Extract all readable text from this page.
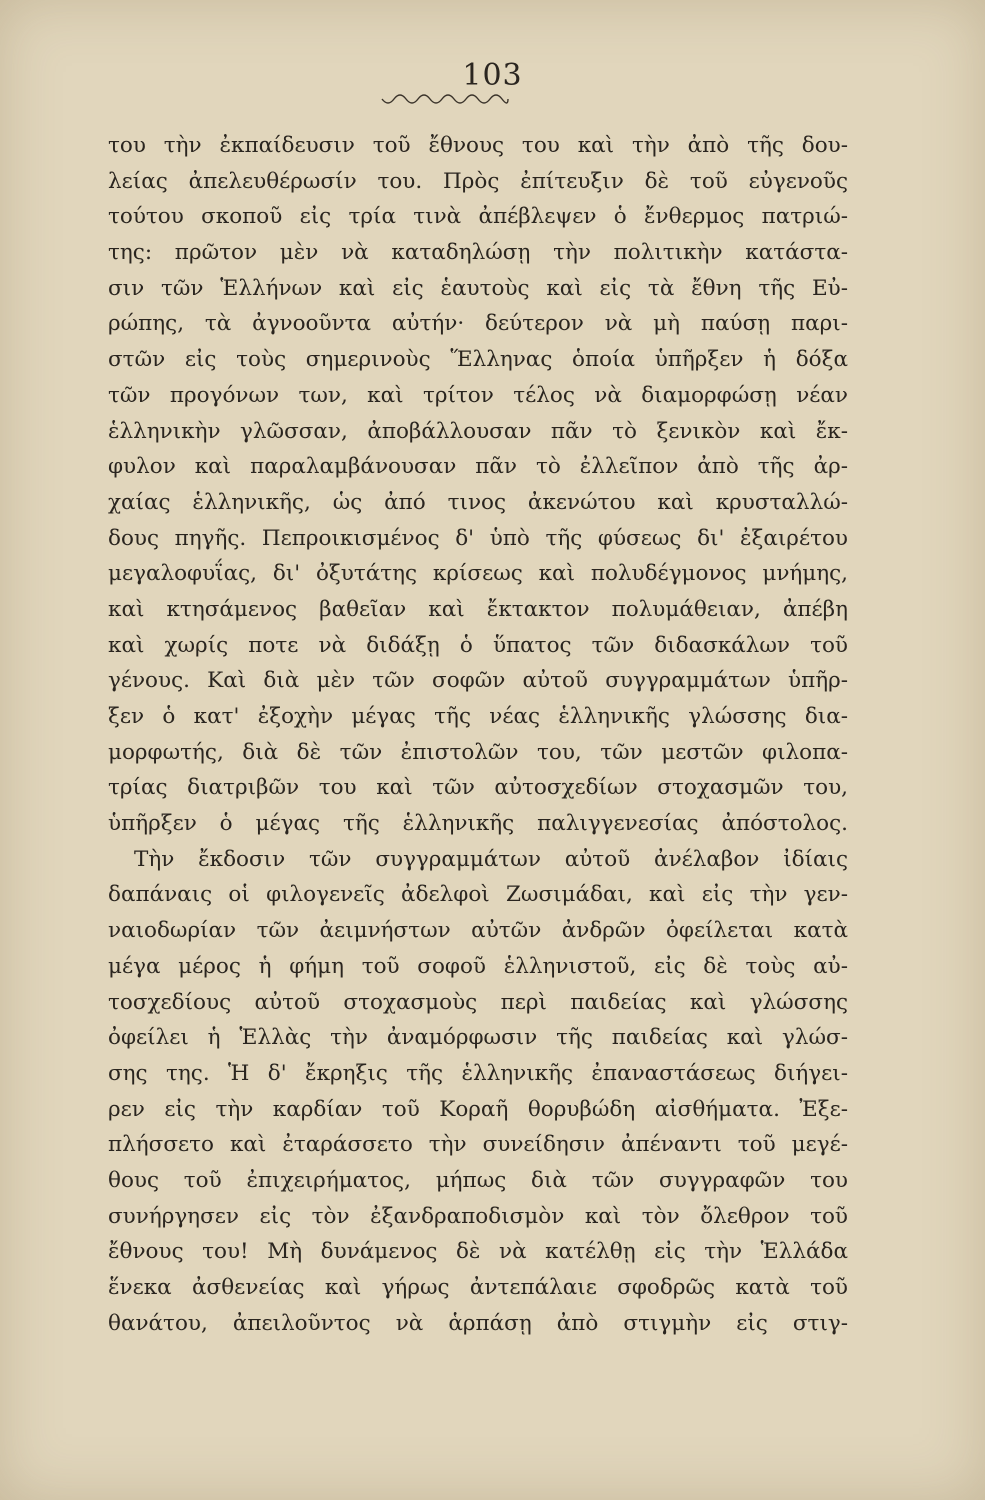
103
του τὴν ἐκπαίδευσιν τοῦ ἔθνους του καὶ τὴν ἀπὸ τῆς δου-
λείας ἀπελευθέρωσίν του. Πρὸς ἐπίτευξιν δὲ τοῦ εὐγενοῦς
τούτου σκοποῦ εἰς τρία τινὰ ἀπέβλεψεν ὁ ἔνθερμος πατριώ-
της: πρῶτον μὲν νὰ καταδηλώσῃ τὴν πολιτικὴν κατάστα-
σιν τῶν Ἑλλήνων καὶ εἰς ἑαυτοὺς καὶ εἰς τὰ ἔθνη τῆς Εὐ-
ρώπης, τὰ ἀγνοοῦντα αὐτήν· δεύτερον νὰ μὴ παύσῃ παρι-
στῶν εἰς τοὺς σημερινοὺς Ἕλληνας ὁποία ὑπῆρξεν ἡ δόξα
τῶν προγόνων των, καὶ τρίτον τέλος νὰ διαμορφώσῃ νέαν
ἑλληνικὴν γλῶσσαν, ἀποβάλλουσαν πᾶν τὸ ξενικὸν καὶ ἔκ-
φυλον καὶ παραλαμβάνουσαν πᾶν τὸ ἐλλεῖπον ἀπὸ τῆς ἀρ-
χαίας ἑλληνικῆς, ὡς ἀπό τινος ἀκενώτου καὶ κρυσταλλώ-
δους πηγῆς. Πεπροικισμένος δ' ὑπὸ τῆς φύσεως δι' ἐξαιρέτου
μεγαλοφυΐας, δι' ὀξυτάτης κρίσεως καὶ πολυδέγμονος μνήμης,
καὶ κτησάμενος βαθεῖαν καὶ ἔκτακτον πολυμάθειαν, ἀπέβη
καὶ χωρίς ποτε νὰ διδάξῃ ὁ ὕπατος τῶν διδασκάλων τοῦ
γένους. Καὶ διὰ μὲν τῶν σοφῶν αὐτοῦ συγγραμμάτων ὑπῆρ-
ξεν ὁ κατ' ἐξοχὴν μέγας τῆς νέας ἑλληνικῆς γλώσσης δια-
μορφωτής, διὰ δὲ τῶν ἐπιστολῶν του, τῶν μεστῶν φιλοπα-
τρίας διατριβῶν του καὶ τῶν αὐτοσχεδίων στοχασμῶν του,
ὑπῆρξεν ὁ μέγας τῆς ἑλληνικῆς παλιγγενεσίας ἀπόστολος.
Τὴν ἔκδοσιν τῶν συγγραμμάτων αὐτοῦ ἀνέλαβον ἰδίαις
δαπάναις οἱ φιλογενεῖς ἀδελφοὶ Ζωσιμάδαι, καὶ εἰς τὴν γεν-
ναιοδωρίαν τῶν ἀειμνήστων αὐτῶν ἀνδρῶν ὀφείλεται κατὰ
μέγα μέρος ἡ φήμη τοῦ σοφοῦ ἑλληνιστοῦ, εἰς δὲ τοὺς αὐ-
τοσχεδίους αὐτοῦ στοχασμοὺς περὶ παιδείας καὶ γλώσσης
ὀφείλει ἡ Ἑλλὰς τὴν ἀναμόρφωσιν τῆς παιδείας καὶ γλώσ-
σης της. Ἡ δ' ἔκρηξις τῆς ἑλληνικῆς ἐπαναστάσεως διήγει-
ρεν εἰς τὴν καρδίαν τοῦ Κοραῆ θορυβώδη αἰσθήματα. Ἐξε-
πλήσσετο καὶ ἐταράσσετο τὴν συνείδησιν ἀπέναντι τοῦ μεγέ-
θους τοῦ ἐπιχειρήματος, μήπως διὰ τῶν συγγραφῶν του
συνήργησεν εἰς τὸν ἐξανδραποδισμὸν καὶ τὸν ὄλεθρον τοῦ
ἔθνους του! Μὴ δυνάμενος δὲ νὰ κατέλθῃ εἰς τὴν Ἑλλάδα
ἕνεκα ἀσθενείας καὶ γήρως ἀντεπάλαιε σφοδρῶς κατὰ τοῦ
θανάτου, ἀπειλοῦντος νὰ ἁρπάσῃ ἀπὸ στιγμὴν εἰς στιγ-
